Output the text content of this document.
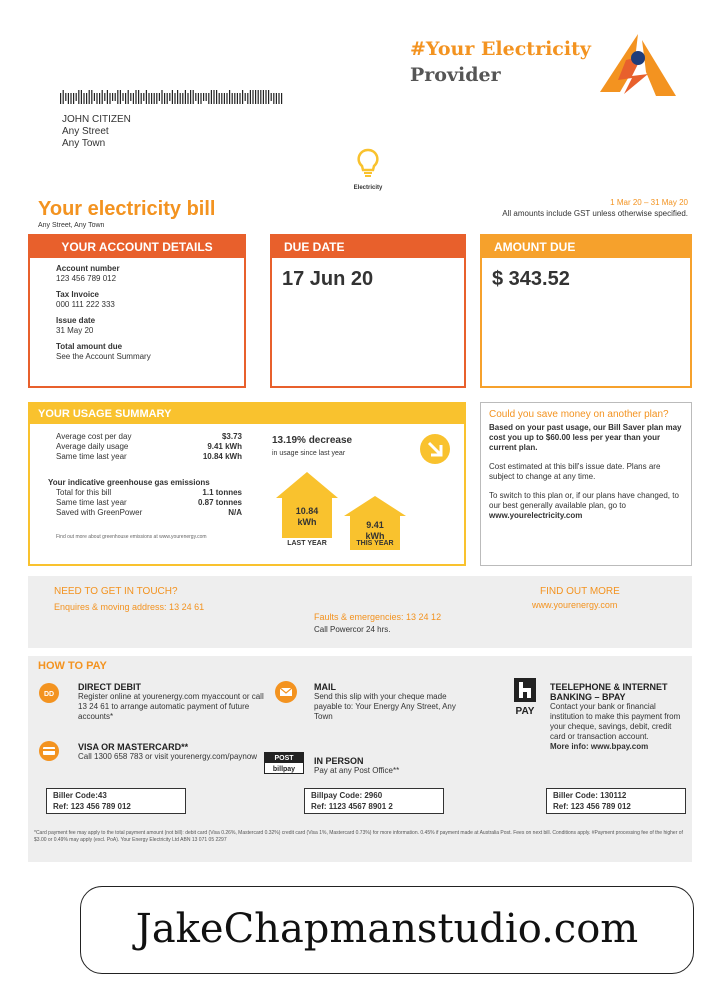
#Your Electricity
Provider
JOHN CITIZEN
Any Street
Any Town
Electricity
Your electricity bill
Any Street, Any Town
1 Mar 20 – 31 May 20
All amounts include GST unless otherwise specified.
YOUR ACCOUNT DETAILS
Account number
123 456 789 012
Tax Invoice
000 111 222 333
Issue date
31 May 20
Total amount due
See the Account Summary
DUE DATE
17 Jun 20
AMOUNT DUE
$ 343.52
YOUR USAGE SUMMARY
Average cost per day	$3.73
Average daily usage	9.41 kWh
Same time last year	10.84 kWh
Your indicative greenhouse gas emissions
Total for this bill	1.1 tonnes
Same time last year	0.87 tonnes
Saved with GreenPower	N/A
Find out more about greenhouse emissions at www.yourenergy.com
13.19% decrease
in usage since last year
10.84
kWh
LAST YEAR
9.41
kWh
THIS YEAR
Could you save money on another plan?

Based on your past usage, our Bill Saver plan may cost you up to $60.00 less per year than your current plan.

Cost estimated at this bill's issue date. Plans are subject to change at any time.

To switch to this plan or, if our plans have changed, to our best generally available plan, go to www.yourelectricity.com

NEED TO GET IN TOUCH?
Enquires & moving address: 13 24 61
Faults & emergencies: 13 24 12
Call Powercor 24 hrs.
FIND OUT MORE
www.yourenergy.com
HOW TO PAY
DD
DIRECT DEBIT
Register online at yourenergy.com myaccount or call 13 24 61 to arrange automatic payment of future accounts*
VISA OR MASTERCARD**
Call 1300 658 783 or visit yourenergy.com/paynow
MAIL
Send this slip with your cheque made payable to: Your Energy Any Street, Any Town
POST
billpay
IN PERSON
Pay at any Post Office**
PAY
TEELEPHONE & INTERNET BANKING – BPAY
Contact your bank or financial institution to make this payment from your cheque, savings, debit, credit card or transaction account.
More info: www.bpay.com
Biller Code:43
Ref: 123 456 789 012
Billpay Code: 2960
Ref: 1123 4567 8901 2
Biller Code: 130112
Ref: 123 456 789 012
*Card payment fee may apply to the total payment amount (not bill): debit card (Visa 0.26%, Mastercard 0.32%) credit card (Visa 1%, Mastercard 0.73%) for more information. 0.45% if payment made at Australia Post. Fees on next bill. Conditions apply. #Payment processing fee of the higher of $3.00 or 0.49% may apply (excl. PoA). Your Energy Electricity Ltd ABN 13 071 05 2297
JakeChapmanstudio.com
